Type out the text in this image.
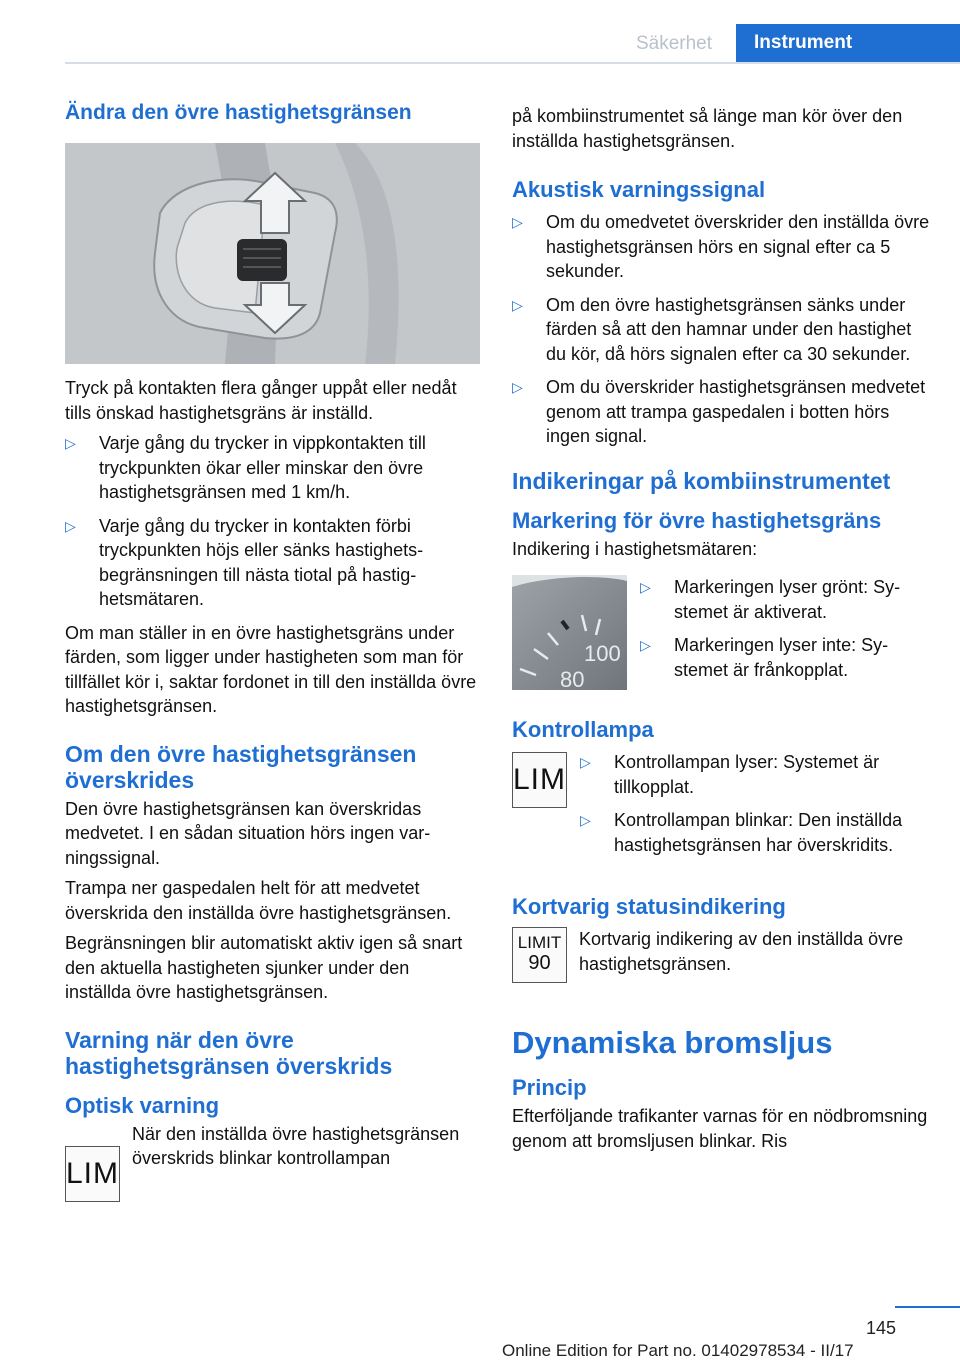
Säkerhet	Instrument
Ändra den övre hastighetsgränsen

Tryck på kontakten flera gånger uppåt eller nedåt tills önskad hastighetsgräns är inställd.

▷ Varje gång du trycker in vippkontakten till tryckpunkten ökar eller minskar den övre hastighetsgränsen med 1 km/h.
▷ Varje gång du trycker in kontakten förbi tryckpunkten höjs eller sänks hastighetsbegränsningen till nästa tiotal på hastighetsmätaren.

Om man ställer in en övre hastighetsgräns under färden, som ligger under hastigheten som man för tillfället kör i, saktar fordonet in till den inställda övre hastighetsgränsen.

Om den övre hastighetsgränsen överskrides

Den övre hastighetsgränsen kan överskridas medvetet. I en sådan situation hörs ingen varningssignal.

Trampa ner gaspedalen helt för att medvetet överskrida den inställda övre hastighetsgränsen.

Begränsningen blir automatiskt aktiv igen så snart den aktuella hastigheten sjunker under den inställda övre hastighetsgränsen.

Varning när den övre hastighetsgränsen överskrids
Optisk varning
LIM

När den inställda övre hastighetsgränsen överskrids blinkar kontrollampan

på kombiinstrumentet så länge man kör över den inställda hastighetsgränsen.

Akustisk varningssignal
▷ Om du omedvetet överskrider den inställda övre hastighetsgränsen hörs en signal efter ca 5 sekunder.
▷ Om den övre hastighetsgränsen sänks under färden så att den hamnar under den hastighet du kör, då hörs signalen efter ca 30 sekunder.
▷ Om du överskrider hastighetsgränsen medvetet genom att trampa gaspedalen i botten hörs ingen signal.
Indikeringar på kombiinstrumentet
Markering för övre hastighetsgräns

Indikering i hastighetsmätaren:

100
80
▷ Markeringen lyser grönt: Systemet är aktiverat.
▷ Markeringen lyser inte: Systemet är frånkopplat.
Kontrollampa
LIM
▷ Kontrollampan lyser: Systemet är tillkopplat.
▷ Kontrollampan blinkar: Den inställda hastighetsgränsen har överskridits.
Kortvarig statusindikering
LIMIT
90

Kortvarig indikering av den inställda övre hastighetsgränsen.

Dynamiska bromsljus
Princip

Efterföljande trafikanter varnas för en nödbromsning genom att bromsljusen blinkar. Ris

145
Online Edition for Part no. 01402978534 - II/17
